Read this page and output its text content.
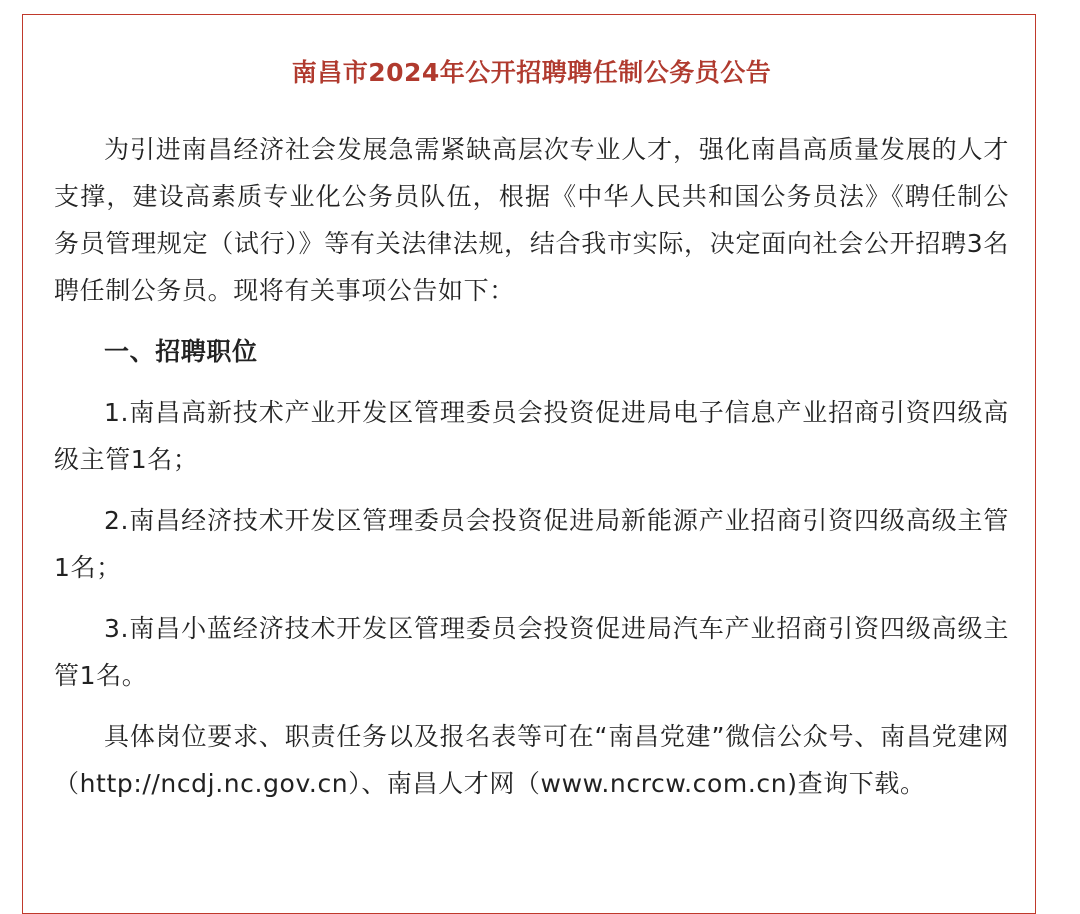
南昌市2024年公开招聘聘任制公务员公告

为引进南昌经济社会发展急需紧缺高层次专业人才，强化南昌高质量发展的人才支撑，建设高素质专业化公务员队伍，根据《中华人民共和国公务员法》《聘任制公务员管理规定（试行）》等有关法律法规，结合我市实际，决定面向社会公开招聘3名聘任制公务员。现将有关事项公告如下：

一、招聘职位

1.南昌高新技术产业开发区管理委员会投资促进局电子信息产业招商引资四级高级主管1名；

2.南昌经济技术开发区管理委员会投资促进局新能源产业招商引资四级高级主管1名；

3.南昌小蓝经济技术开发区管理委员会投资促进局汽车产业招商引资四级高级主管1名。

具体岗位要求、职责任务以及报名表等可在“南昌党建”微信公众号、南昌党建网（http://ncdj.nc.gov.cn）、南昌人才网（www.ncrcw.com.cn)查询下载。
